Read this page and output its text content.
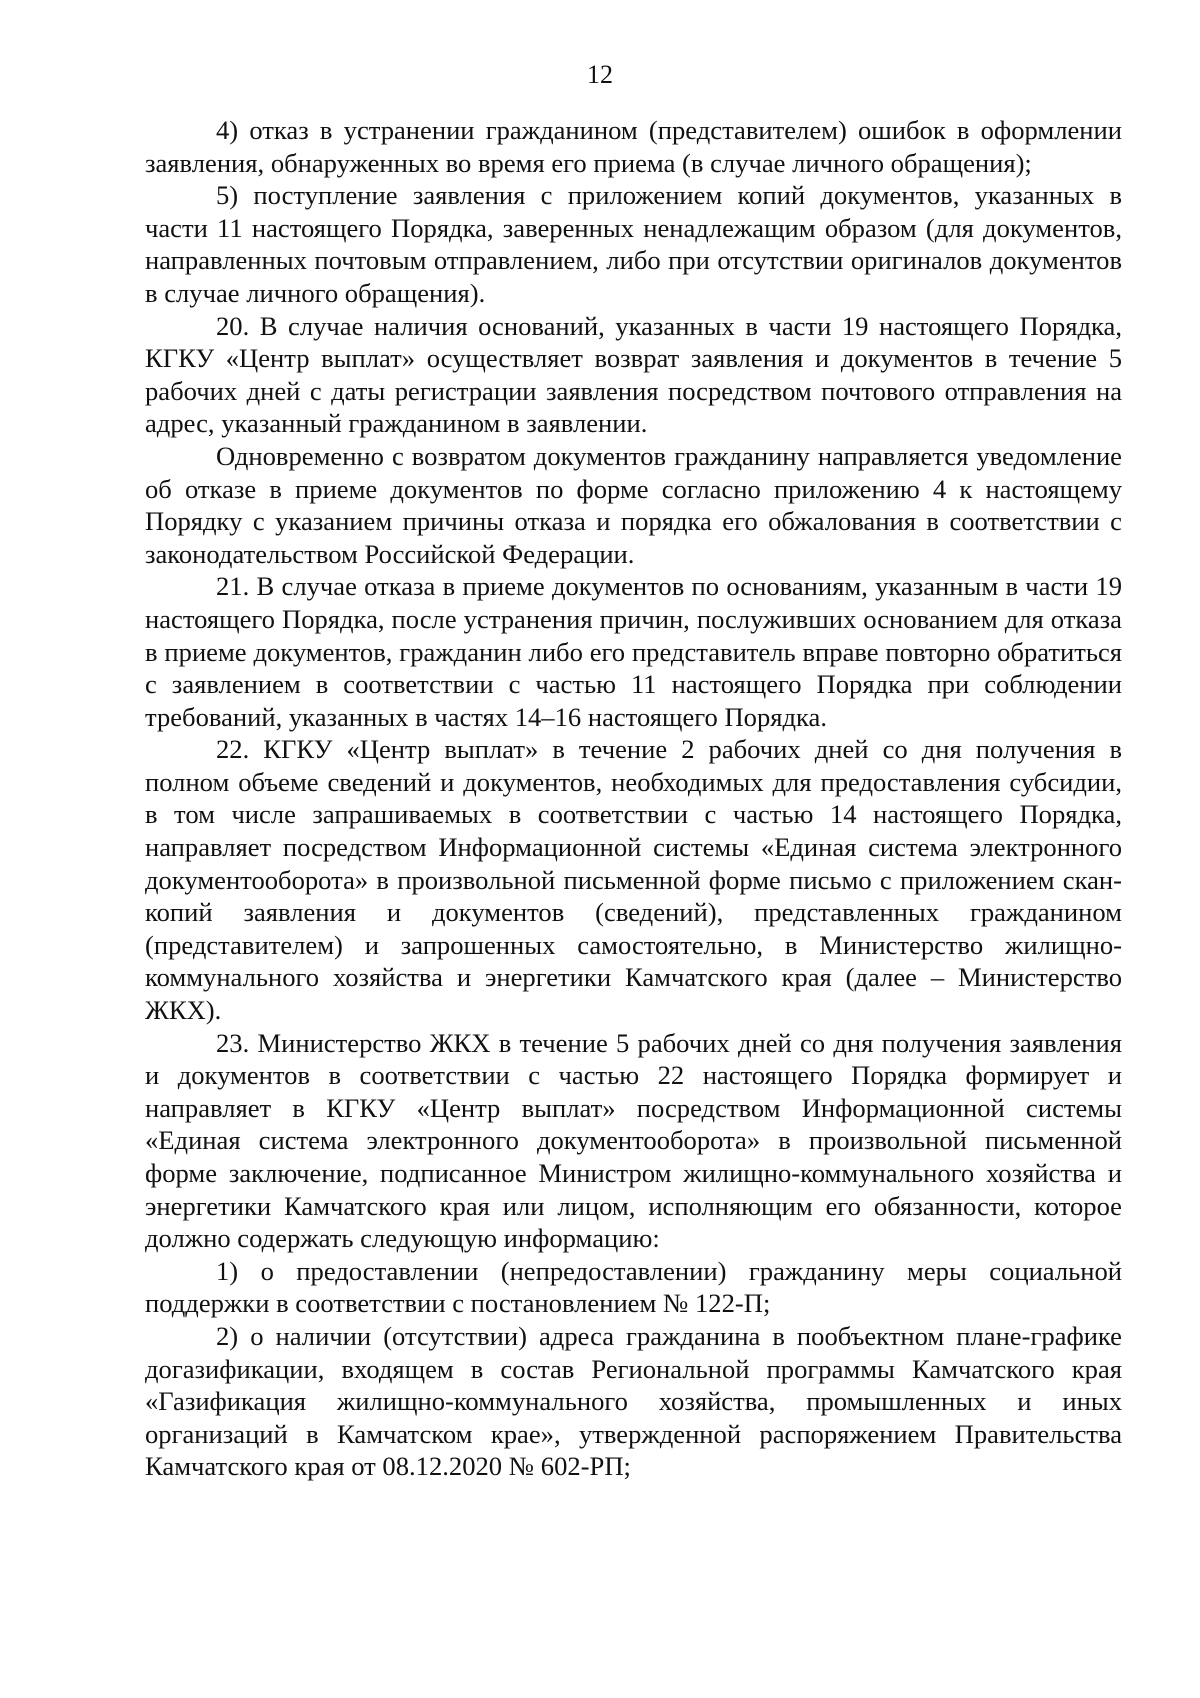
12

4) отказ в устранении гражданином (представителем) ошибок в оформлении заявления, обнаруженных во время его приема (в случае личного обращения);

5) поступление заявления с приложением копий документов, указанных в части 11 настоящего Порядка, заверенных ненадлежащим образом (для документов, направленных почтовым отправлением, либо при отсутствии оригиналов документов в случае личного обращения).

20. В случае наличия оснований, указанных в части 19 настоящего Порядка, КГКУ «Центр выплат» осуществляет возврат заявления и документов в течение 5 рабочих дней с даты регистрации заявления посредством почтового отправления на адрес, указанный гражданином в заявлении.

Одновременно с возвратом документов гражданину направляется уведомление об отказе в приеме документов по форме согласно приложению 4 к настоящему Порядку с указанием причины отказа и порядка его обжалования в соответствии с законодательством Российской Федерации.

21. В случае отказа в приеме документов по основаниям, указанным в части 19 настоящего Порядка, после устранения причин, послуживших основанием для отказа в приеме документов, гражданин либо его представитель вправе повторно обратиться с заявлением в соответствии с частью 11 настоящего Порядка при соблюдении требований, указанных в частях 14–16 настоящего Порядка.

22. КГКУ «Центр выплат» в течение 2 рабочих дней со дня получения в полном объеме сведений и документов, необходимых для предоставления субсидии, в том числе запрашиваемых в соответствии с частью 14 настоящего Порядка, направляет посредством Информационной системы «Единая система электронного документооборота» в произвольной письменной форме письмо с приложением скан-копий заявления и документов (сведений), представленных гражданином (представителем) и запрошенных самостоятельно, в Министерство жилищно-коммунального хозяйства и энергетики Камчатского края (далее – Министерство ЖКХ).

23. Министерство ЖКХ в течение 5 рабочих дней со дня получения заявления и документов в соответствии с частью 22 настоящего Порядка формирует и направляет в КГКУ «Центр выплат» посредством Информационной системы «Единая система электронного документооборота» в произвольной письменной форме заключение, подписанное Министром жилищно-коммунального хозяйства и энергетики Камчатского края или лицом, исполняющим его обязанности, которое должно содержать следующую информацию:

1) о предоставлении (непредоставлении) гражданину меры социальной поддержки в соответствии с постановлением № 122-П;

2) о наличии (отсутствии) адреса гражданина в пообъектном плане-графике догазификации, входящем в состав Региональной программы Камчатского края «Газификация жилищно-коммунального хозяйства, промышленных и иных организаций в Камчатском крае», утвержденной распоряжением Правительства Камчатского края от 08.12.2020 № 602-РП;
